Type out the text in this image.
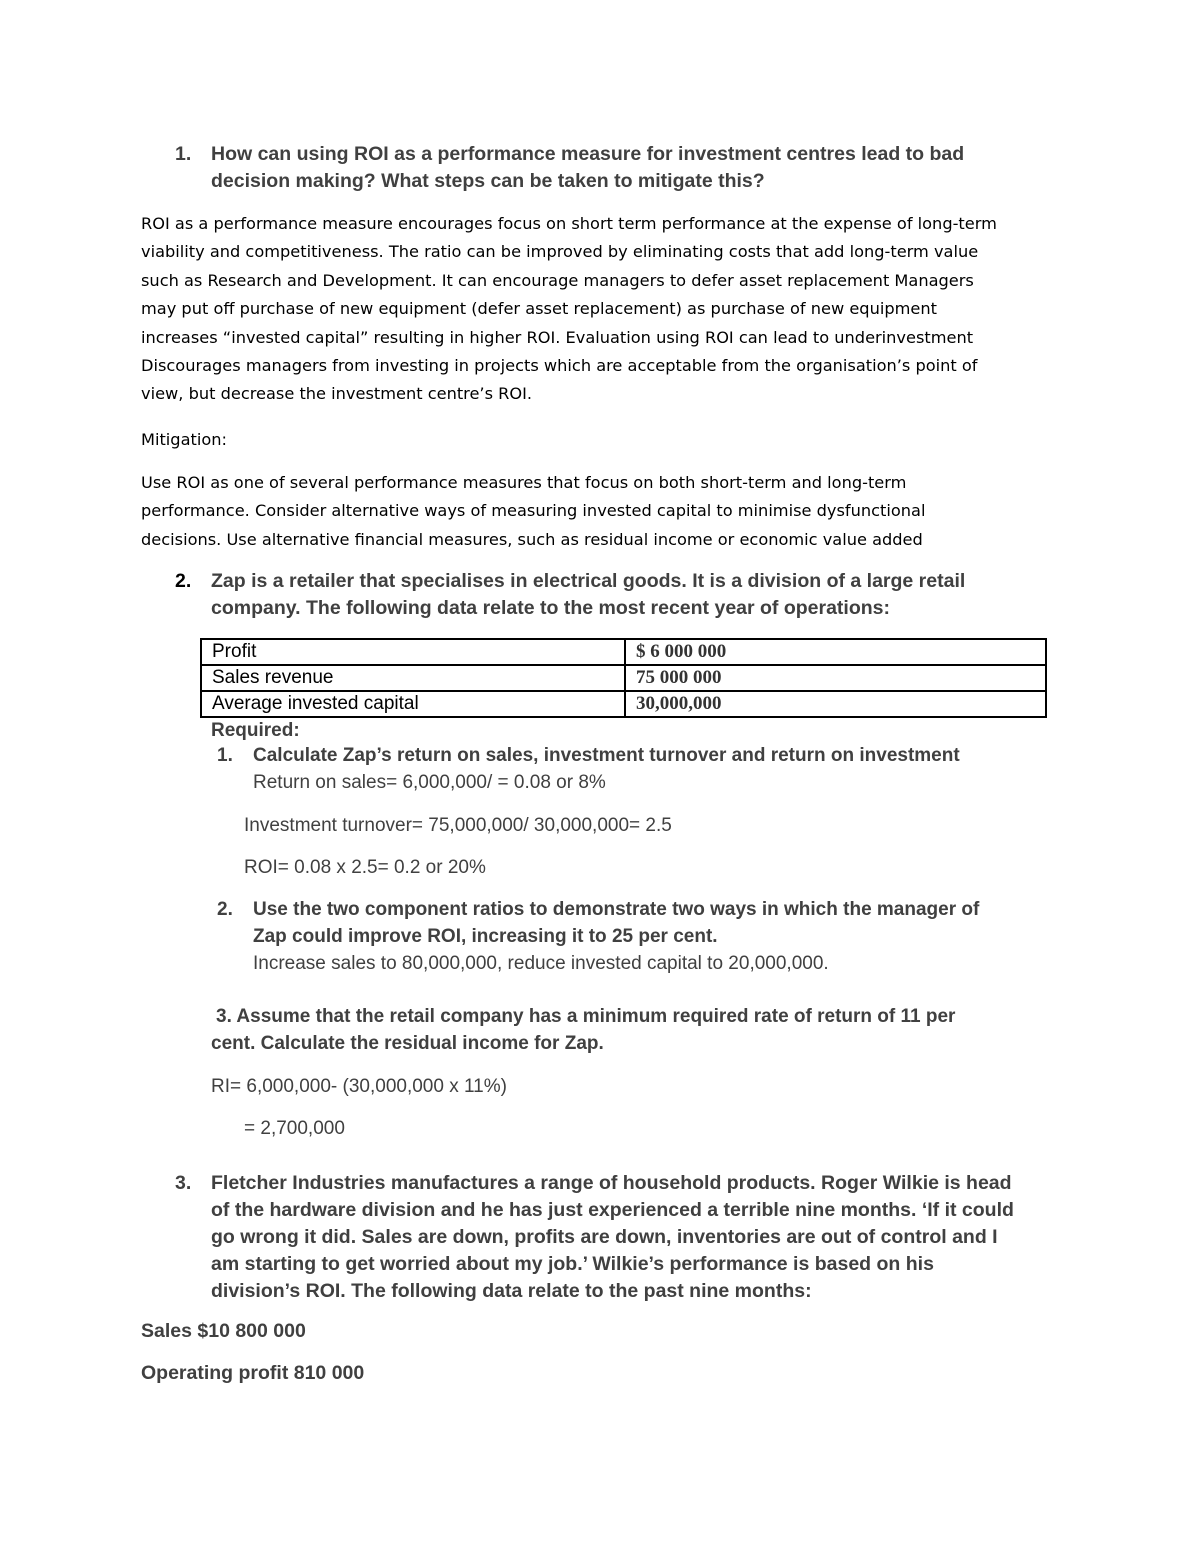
1. How can using ROI as a performance measure for investment centres lead to bad
decision making? What steps can be taken to mitigate this?
ROI as a performance measure encourages focus on short term performance at the expense of long-term
viability and competitiveness. The ratio can be improved by eliminating costs that add long-term value
such as Research and Development. It can encourage managers to defer asset replacement Managers
may put off purchase of new equipment (defer asset replacement) as purchase of new equipment
increases “invested capital” resulting in higher ROI. Evaluation using ROI can lead to underinvestment
Discourages managers from investing in projects which are acceptable from the organisation’s point of
view, but decrease the investment centre’s ROI.
Mitigation:
Use ROI as one of several performance measures that focus on both short-term and long-term
performance. Consider alternative ways of measuring invested capital to minimise dysfunctional
decisions. Use alternative financial measures, such as residual income or economic value added
2. Zap is a retailer that specialises in electrical goods. It is a division of a large retail
company. The following data relate to the most recent year of operations:
Profit	$ 6 000 000
Sales revenue	75 000 000
Average invested capital	30,000,000
Required:
1. Calculate Zap’s return on sales, investment turnover and return on investment
Return on sales= 6,000,000/ = 0.08 or 8%
Investment turnover= 75,000,000/ 30,000,000= 2.5
ROI= 0.08 x 2.5= 0.2 or 20%
2. Use the two component ratios to demonstrate two ways in which the manager of
Zap could improve ROI, increasing it to 25 per cent.
Increase sales to 80,000,000, reduce invested capital to 20,000,000.
3. Assume that the retail company has a minimum required rate of return of 11 per
cent. Calculate the residual income for Zap.
RI= 6,000,000- (30,000,000 x 11%)
= 2,700,000
3. Fletcher Industries manufactures a range of household products. Roger Wilkie is head
of the hardware division and he has just experienced a terrible nine months. ‘If it could
go wrong it did. Sales are down, profits are down, inventories are out of control and I
am starting to get worried about my job.’ Wilkie’s performance is based on his
division’s ROI. The following data relate to the past nine months:
Sales $10 800 000
Operating profit 810 000
